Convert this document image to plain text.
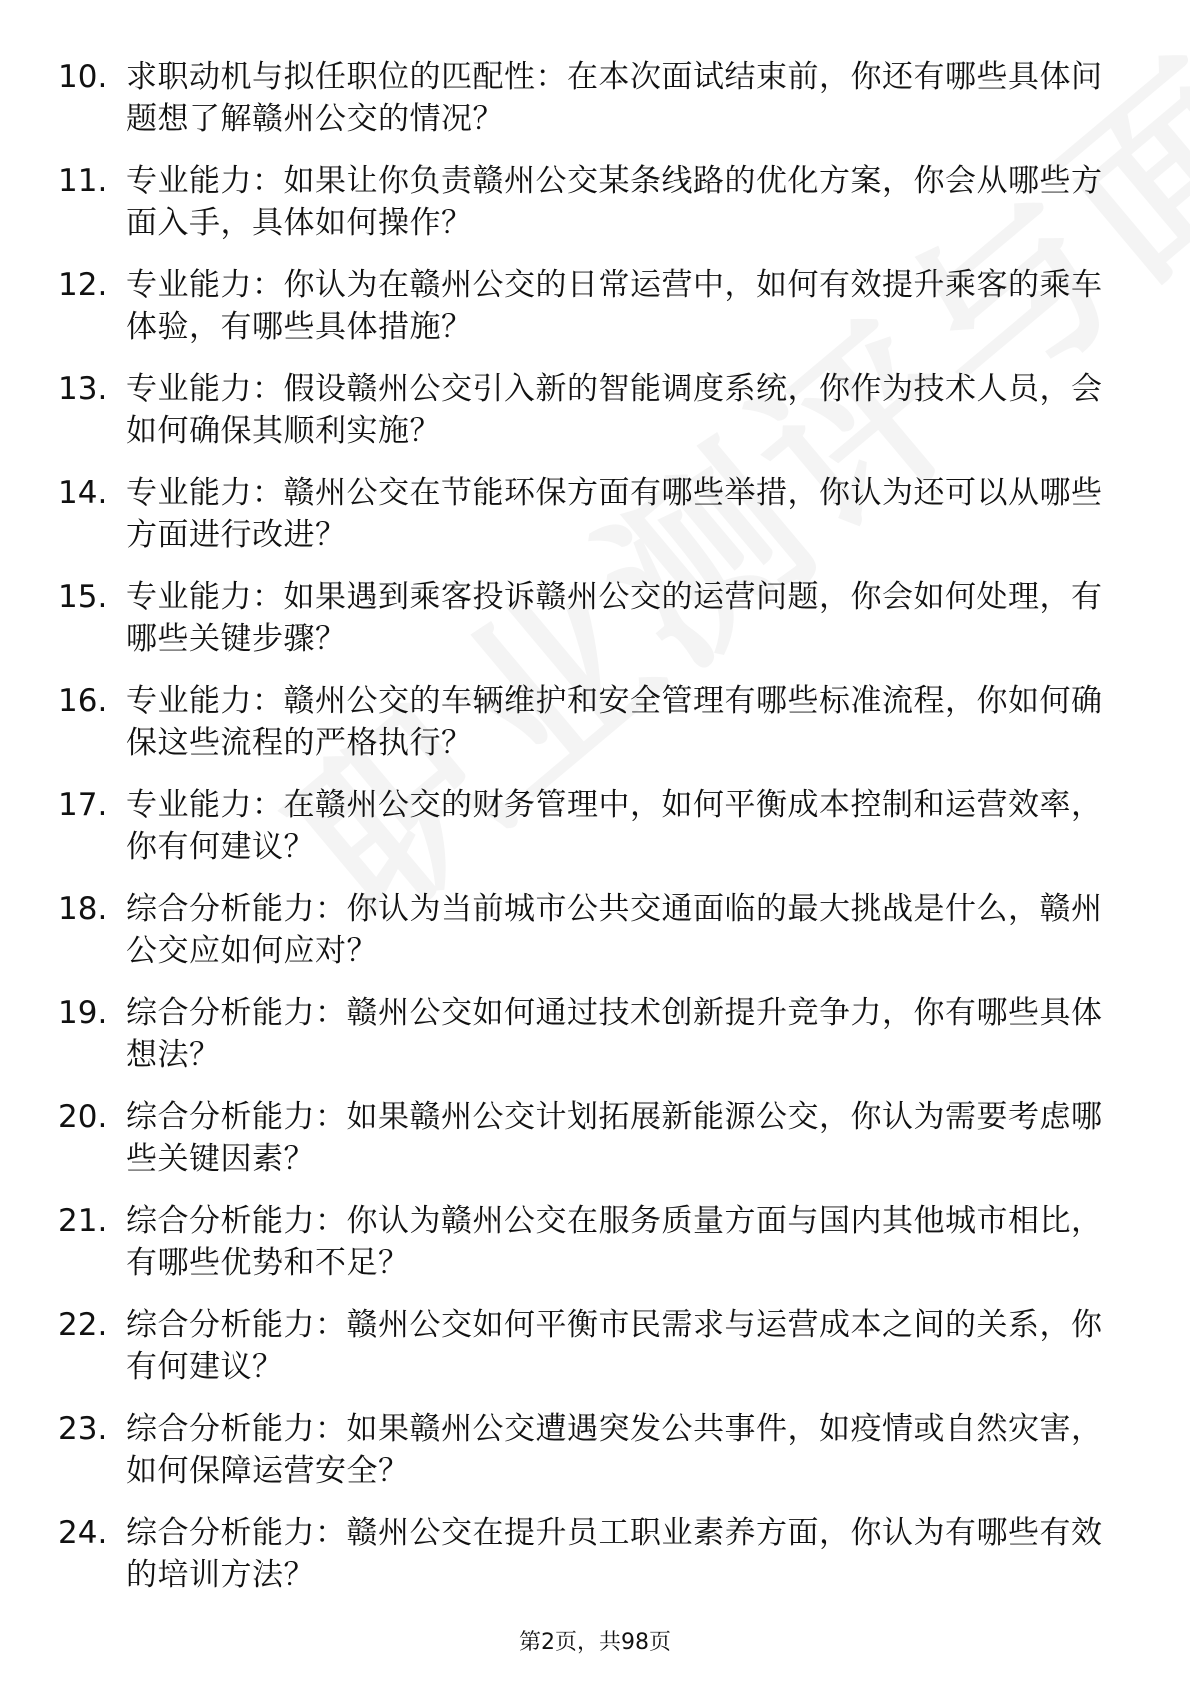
10. 求职动机与拟任职位的匹配性：在本次面试结束前，你还有哪些具体问题想了解赣州公交的情况？
11. 专业能力：如果让你负责赣州公交某条线路的优化方案，你会从哪些方面入手，具体如何操作？
12. 专业能力：你认为在赣州公交的日常运营中，如何有效提升乘客的乘车体验，有哪些具体措施？
13. 专业能力：假设赣州公交引入新的智能调度系统，你作为技术人员，会如何确保其顺利实施？
14. 专业能力：赣州公交在节能环保方面有哪些举措，你认为还可以从哪些方面进行改进？
15. 专业能力：如果遇到乘客投诉赣州公交的运营问题，你会如何处理，有哪些关键步骤？
16. 专业能力：赣州公交的车辆维护和安全管理有哪些标准流程，你如何确保这些流程的严格执行？
17. 专业能力：在赣州公交的财务管理中，如何平衡成本控制和运营效率，你有何建议？
18. 综合分析能力：你认为当前城市公共交通面临的最大挑战是什么，赣州公交应如何应对？
19. 综合分析能力：赣州公交如何通过技术创新提升竞争力，你有哪些具体想法？
20. 综合分析能力：如果赣州公交计划拓展新能源公交，你认为需要考虑哪些关键因素？
21. 综合分析能力：你认为赣州公交在服务质量方面与国内其他城市相比，有哪些优势和不足？
22. 综合分析能力：赣州公交如何平衡市民需求与运营成本之间的关系，你有何建议？
23. 综合分析能力：如果赣州公交遭遇突发公共事件，如疫情或自然灾害，如何保障运营安全？
24. 综合分析能力：赣州公交在提升员工职业素养方面，你认为有哪些有效的培训方法？
第2页，共98页
